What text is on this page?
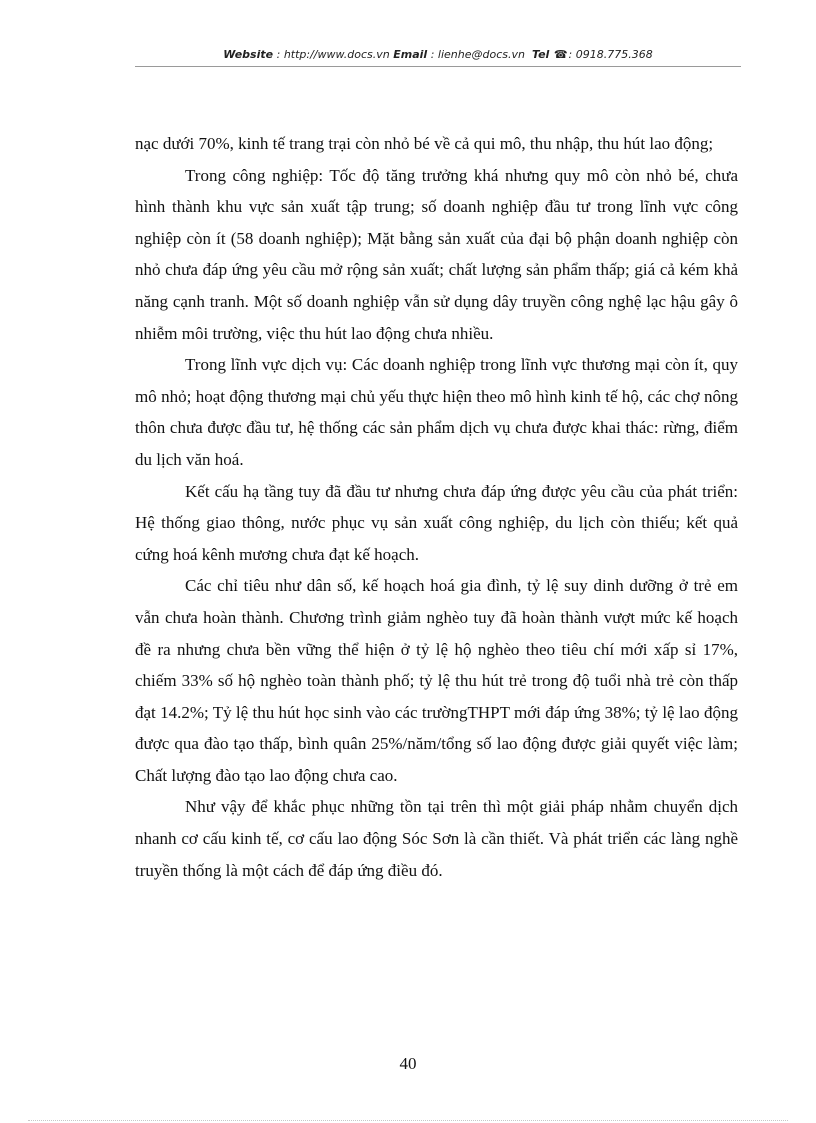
Website : http://www.docs.vn Email : lienhe@docs.vn Tel ☎: 0918.775.368

nạc dưới 70%, kinh tế trang trại còn nhỏ bé về cả qui mô, thu nhập, thu hút lao động;

Trong công nghiệp: Tốc độ tăng trưởng khá nhưng quy mô còn nhỏ bé, chưa hình thành khu vực sản xuất tập trung; số doanh nghiệp đầu tư trong lĩnh vực công nghiệp còn ít (58 doanh nghiệp); Mặt bằng sản xuất của đại bộ phận doanh nghiệp còn nhỏ chưa đáp ứng yêu cầu mở rộng sản xuất; chất lượng sản phẩm thấp; giá cả kém khả năng cạnh tranh. Một số doanh nghiệp vẫn sử dụng dây truyền công nghệ lạc hậu gây ô nhiễm môi trường, việc thu hút lao động chưa nhiều.

Trong lĩnh vực dịch vụ: Các doanh nghiệp trong lĩnh vực thương mại còn ít, quy mô nhỏ; hoạt động thương mại chủ yếu thực hiện theo mô hình kinh tế hộ, các chợ nông thôn chưa được đầu tư, hệ thống các sản phẩm dịch vụ chưa được khai thác: rừng, điểm du lịch văn hoá.

Kết cấu hạ tầng tuy đã đầu tư nhưng chưa đáp ứng được yêu cầu của phát triển: Hệ thống giao thông, nước phục vụ sản xuất công nghiệp, du lịch còn thiếu; kết quả cứng hoá kênh mương chưa đạt kế hoạch.

Các chỉ tiêu như dân số, kế hoạch hoá gia đình, tỷ lệ suy dinh dưỡng ở trẻ em vẫn chưa hoàn thành. Chương trình giảm nghèo tuy đã hoàn thành vượt mức kế hoạch đề ra nhưng chưa bền vững thể hiện ở tỷ lệ hộ nghèo theo tiêu chí mới xấp sỉ 17%, chiếm 33% số hộ nghèo toàn thành phố; tỷ lệ thu hút trẻ trong độ tuổi nhà trẻ còn thấp đạt 14.2%; Tỷ lệ thu hút học sinh vào các trườngTHPT mới đáp ứng 38%; tỷ lệ lao động được qua đào tạo thấp, bình quân 25%/năm/tổng số lao động được giải quyết việc làm; Chất lượng đào tạo lao động chưa cao.

Như vậy để khắc phục những tồn tại trên thì một giải pháp nhằm chuyển dịch nhanh cơ cấu kinh tế, cơ cấu lao động Sóc Sơn là cần thiết. Và phát triển các làng nghề truyền thống là một cách để đáp ứng điều đó.

40
